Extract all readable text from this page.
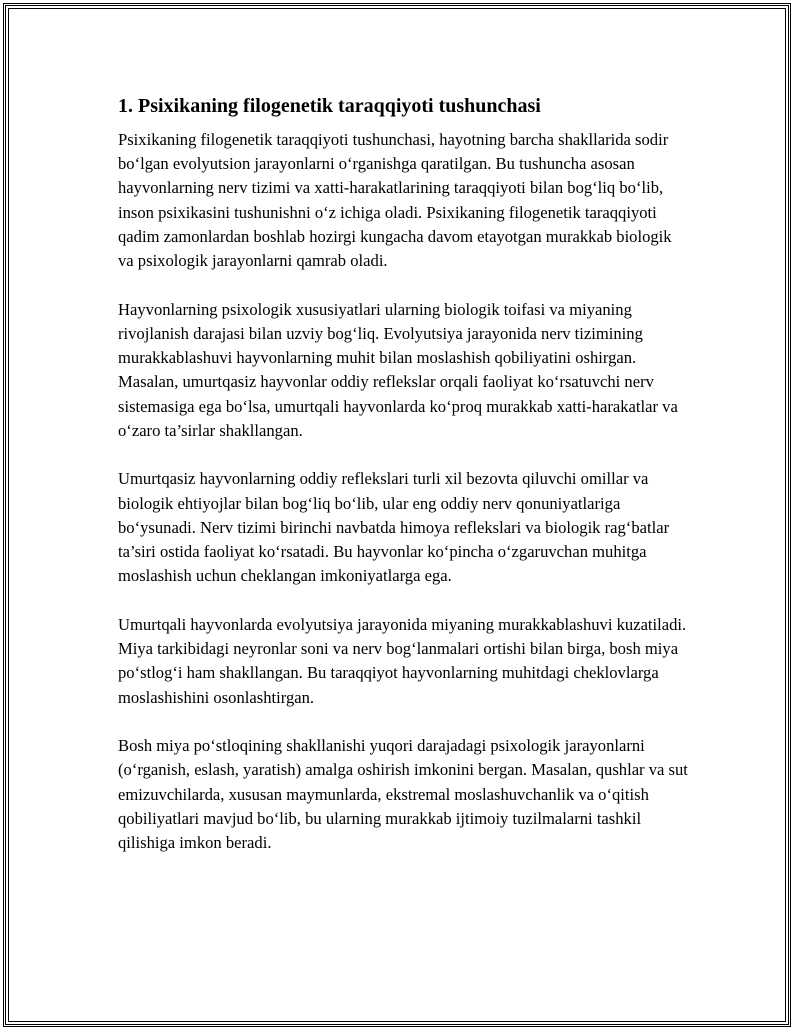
1. Psixikaning filogenetik taraqqiyoti tushunchasi

Psixikaning filogenetik taraqqiyoti tushunchasi, hayotning barcha shakllarida sodir bo‘lgan evolyutsion jarayonlarni o‘rganishga qaratilgan. Bu tushuncha asosan hayvonlarning nerv tizimi va xatti-harakatlarining taraqqiyoti bilan bog‘liq bo‘lib, inson psixikasini tushunishni o‘z ichiga oladi. Psixikaning filogenetik taraqqiyoti qadim zamonlardan boshlab hozirgi kungacha davom etayotgan murakkab biologik va psixologik jarayonlarni qamrab oladi.

Hayvonlarning psixologik xususiyatlari ularning biologik toifasi va miyaning rivojlanish darajasi bilan uzviy bog‘liq. Evolyutsiya jarayonida nerv tizimining murakkablashuvi hayvonlarning muhit bilan moslashish qobiliyatini oshirgan. Masalan, umurtqasiz hayvonlar oddiy reflekslar orqali faoliyat ko‘rsatuvchi nerv sistemasiga ega bo‘lsa, umurtqali hayvonlarda ko‘proq murakkab xatti-harakatlar va o‘zaro ta’sirlar shakllangan.

Umurtqasiz hayvonlarning oddiy reflekslari turli xil bezovta qiluvchi omillar va biologik ehtiyojlar bilan bog‘liq bo‘lib, ular eng oddiy nerv qonuniyatlariga bo‘ysunadi. Nerv tizimi birinchi navbatda himoya reflekslari va biologik rag‘batlar ta’siri ostida faoliyat ko‘rsatadi. Bu hayvonlar ko‘pincha o‘zgaruvchan muhitga moslashish uchun cheklangan imkoniyatlarga ega.

Umurtqali hayvonlarda evolyutsiya jarayonida miyaning murakkablashuvi kuzatiladi. Miya tarkibidagi neyronlar soni va nerv bog‘lanmalari ortishi bilan birga, bosh miya po‘stlog‘i ham shakllangan. Bu taraqqiyot hayvonlarning muhitdagi cheklovlarga moslashishini osonlashtirgan.

Bosh miya po‘stloqining shakllanishi yuqori darajadagi psixologik jarayonlarni (o‘rganish, eslash, yaratish) amalga oshirish imkonini bergan. Masalan, qushlar va sut emizuvchilarda, xususan maymunlarda, ekstremal moslashuvchanlik va o‘qitish qobiliyatlari mavjud bo‘lib, bu ularning murakkab ijtimoiy tuzilmalarni tashkil qilishiga imkon beradi.
